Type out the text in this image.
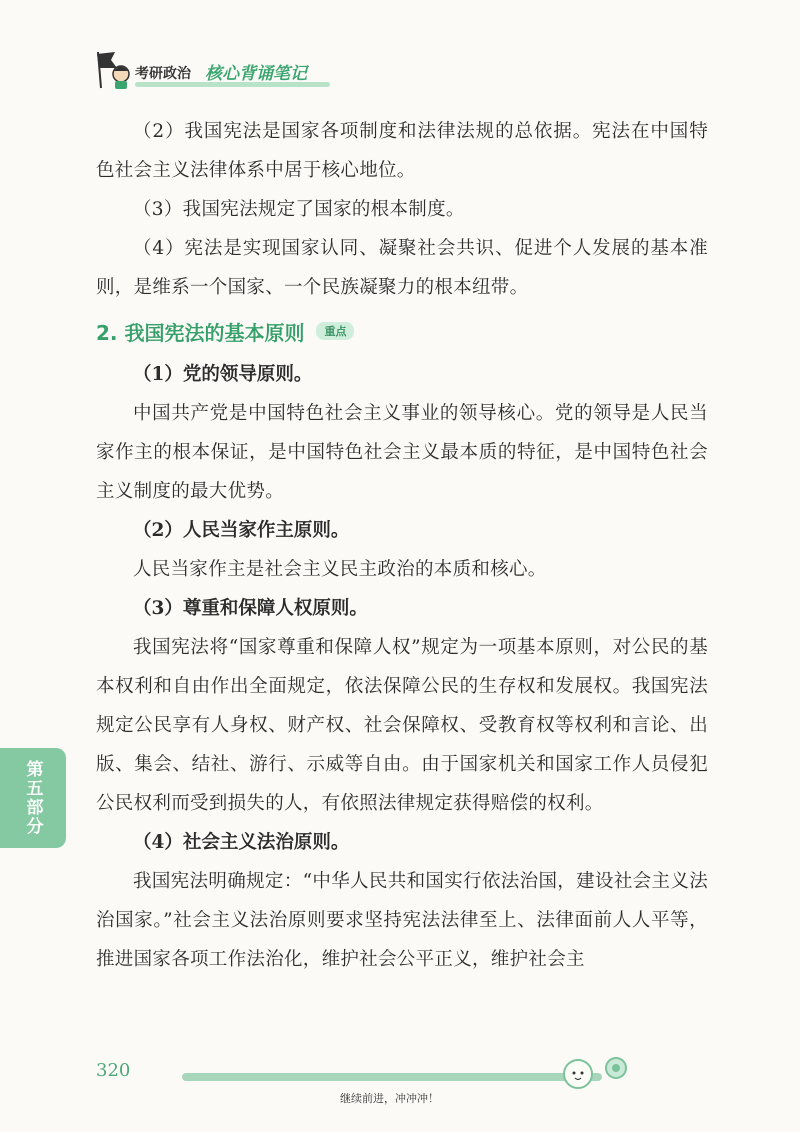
考研政治 核心背诵笔记

（2）我国宪法是国家各项制度和法律法规的总依据。宪法在中国特色社会主义法律体系中居于核心地位。

（3）我国宪法规定了国家的根本制度。

（4）宪法是实现国家认同、凝聚社会共识、促进个人发展的基本准则，是维系一个国家、一个民族凝聚力的根本纽带。

2. 我国宪法的基本原则	重点

（1）党的领导原则。

中国共产党是中国特色社会主义事业的领导核心。党的领导是人民当家作主的根本保证，是中国特色社会主义最本质的特征，是中国特色社会主义制度的最大优势。

（2）人民当家作主原则。

人民当家作主是社会主义民主政治的本质和核心。

（3）尊重和保障人权原则。

我国宪法将“国家尊重和保障人权”规定为一项基本原则，对公民的基本权利和自由作出全面规定，依法保障公民的生存权和发展权。我国宪法规定公民享有人身权、财产权、社会保障权、受教育权等权利和言论、出版、集会、结社、游行、示威等自由。由于国家机关和国家工作人员侵犯公民权利而受到损失的人，有依照法律规定获得赔偿的权利。

（4）社会主义法治原则。

我国宪法明确规定：“中华人民共和国实行依法治国，建设社会主义法治国家。”社会主义法治原则要求坚持宪法法律至上、法律面前人人平等，推进国家各项工作法治化，维护社会公平正义，维护社会主

第五部分
320
继续前进，冲冲冲！
